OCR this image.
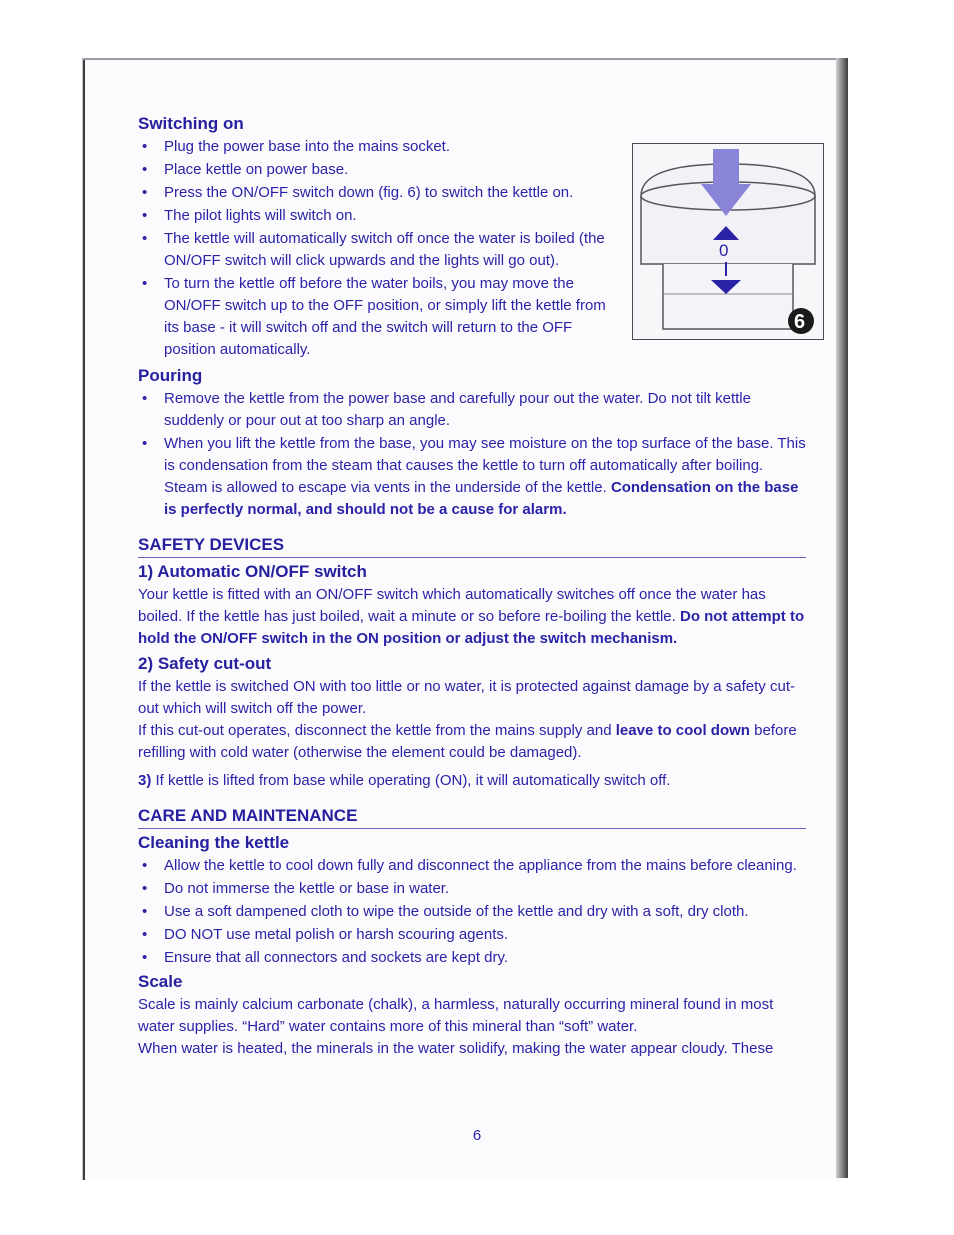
0
6
Switching on
• Plug the power base into the mains socket.
• Place kettle on power base.
• Press the ON/OFF switch down (fig. 6) to switch the kettle on.
• The pilot lights will switch on.
• The kettle will automatically switch off once the water is boiled (the ON/OFF switch will click upwards and the lights will go out).
• To turn the kettle off before the water boils, you may move the ON/OFF switch up to the OFF position, or simply lift the kettle from its base - it will switch off and the switch will return to the OFF position automatically.
Pouring
• Remove the kettle from the power base and carefully pour out the water. Do not tilt kettle suddenly or pour out at too sharp an angle.
• When you lift the kettle from the base, you may see moisture on the top surface of the base. This is condensation from the steam that causes the kettle to turn off automatically after boiling. Steam is allowed to escape via vents in the underside of the kettle. Condensation on the base is perfectly normal, and should not be a cause for alarm.
SAFETY DEVICES
1) Automatic ON/OFF switch

Your kettle is fitted with an ON/OFF switch which automatically switches off once the water has boiled. If the kettle has just boiled, wait a minute or so before re-boiling the kettle. Do not attempt to hold the ON/OFF switch in the ON position or adjust the switch mechanism.

2) Safety cut-out

If the kettle is switched ON with too little or no water, it is protected against damage by a safety cut-out which will switch off the power.

If this cut-out operates, disconnect the kettle from the mains supply and leave to cool down before refilling with cold water (otherwise the element could be damaged).

3) If kettle is lifted from base while operating (ON), it will automatically switch off.

CARE AND MAINTENANCE
Cleaning the kettle
• Allow the kettle to cool down fully and disconnect the appliance from the mains before cleaning.
• Do not immerse the kettle or base in water.
• Use a soft dampened cloth to wipe the outside of the kettle and dry with a soft, dry cloth.
• DO NOT use metal polish or harsh scouring agents.
• Ensure that all connectors and sockets are kept dry.
Scale

Scale is mainly calcium carbonate (chalk), a harmless, naturally occurring mineral found in most water supplies. “Hard” water contains more of this mineral than “soft” water.

When water is heated, the minerals in the water solidify, making the water appear cloudy. These

6
